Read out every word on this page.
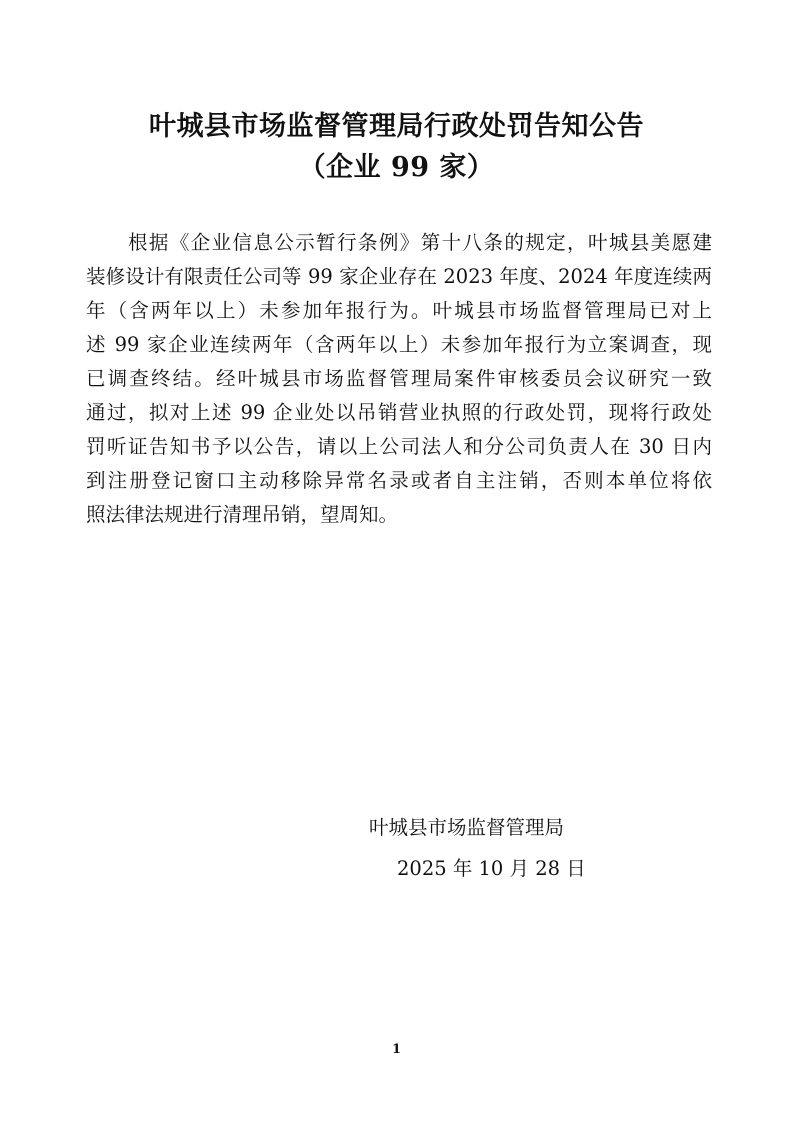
叶城县市场监督管理局行政处罚告知公告
（企业 99 家）
根据《企业信息公示暂行条例》第十八条的规定，叶城县美愿建
装修设计有限责任公司等 99 家企业存在 2023 年度、2024 年度连续两
年（含两年以上）未参加年报行为。叶城县市场监督管理局已对上
述 99 家企业连续两年（含两年以上）未参加年报行为立案调查，现
已调查终结。经叶城县市场监督管理局案件审核委员会议研究一致
通过，拟对上述 99 企业处以吊销营业执照的行政处罚，现将行政处
罚听证告知书予以公告，请以上公司法人和分公司负责人在 30 日内
到注册登记窗口主动移除异常名录或者自主注销，否则本单位将依
照法律法规进行清理吊销，望周知。
叶城县市场监督管理局
2025 年 10 月 28 日
1
